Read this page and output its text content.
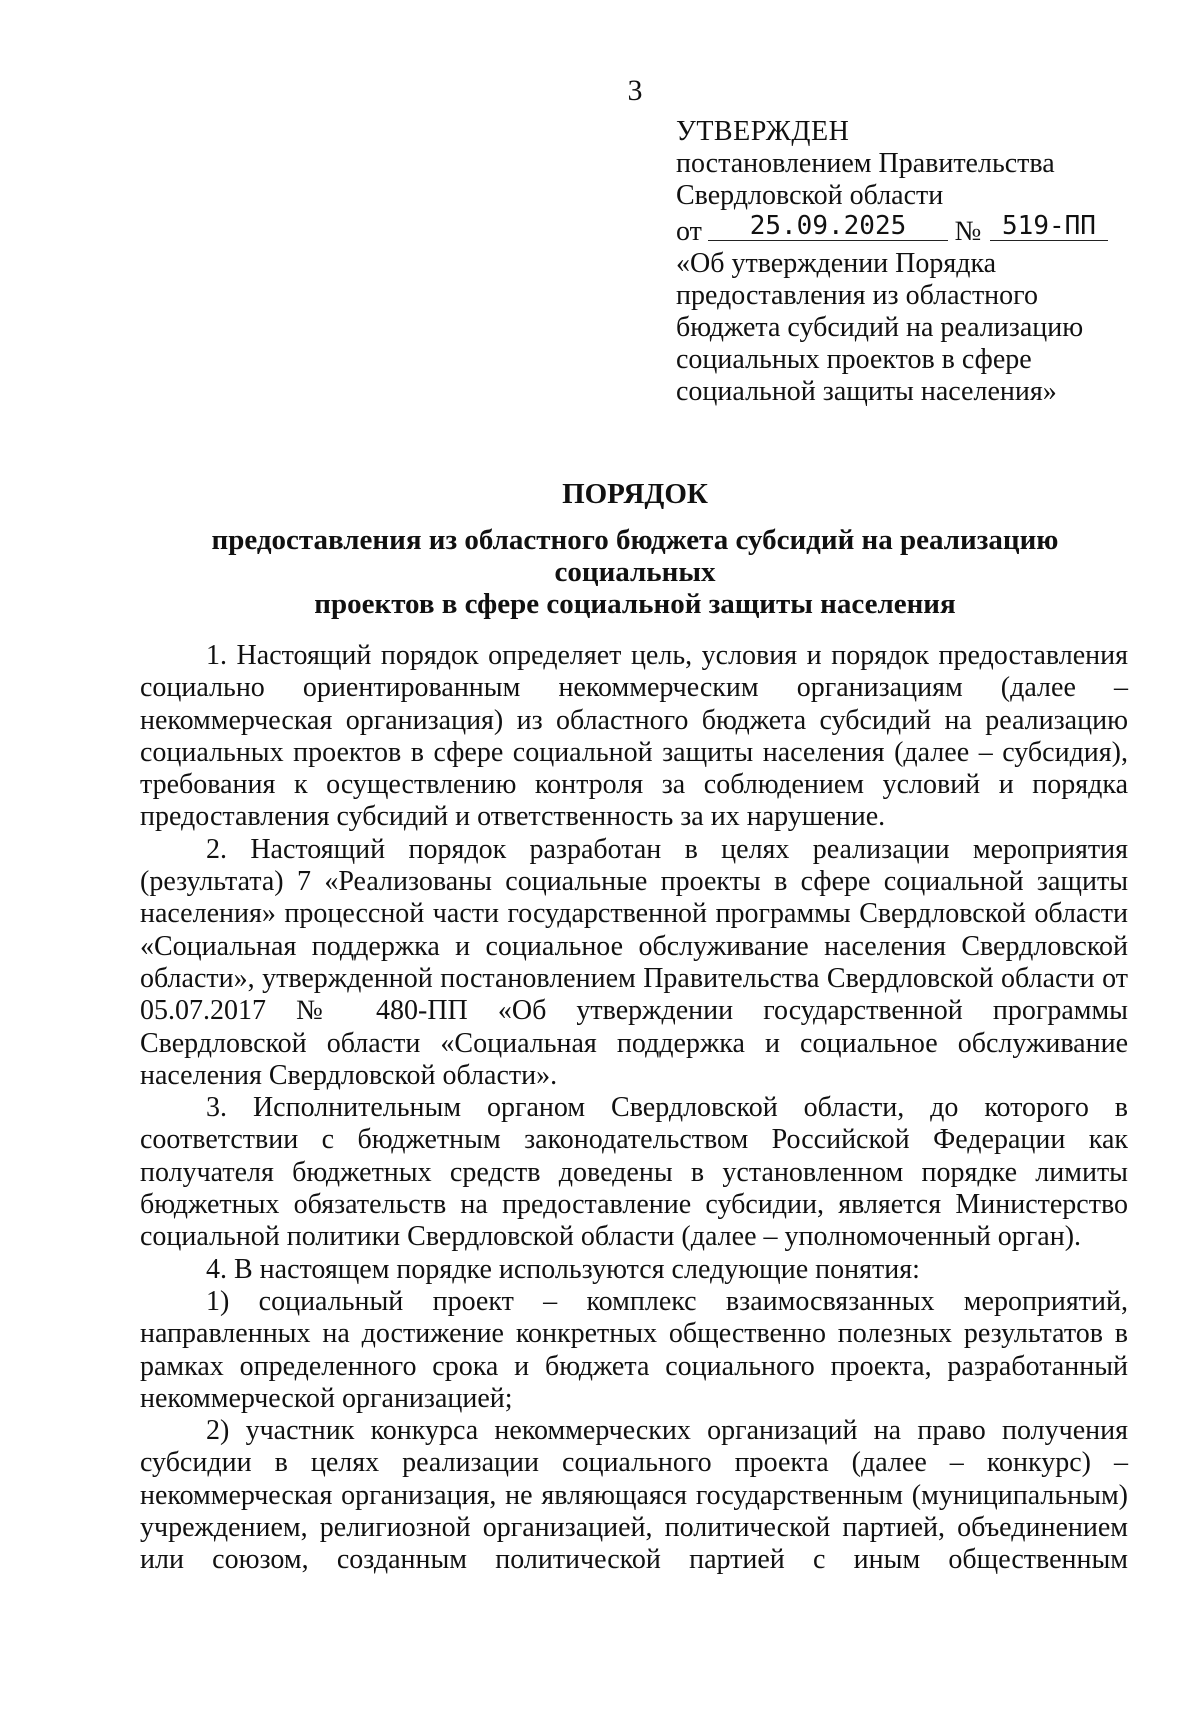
3
УТВЕРЖДЕН
постановлением Правительства
Свердловской области
от	25.09.2025	№ 519-ПП
«Об утверждении Порядка
предоставления из областного
бюджета субсидий на реализацию
социальных проектов в сфере
социальной защиты населения»
ПОРЯДОК
предоставления из областного бюджета субсидий на реализацию социальных
проектов в сфере социальной защиты населения

1. Настоящий порядок определяет цель, условия и порядок предоставления социально ориентированным некоммерческим организациям (далее – некоммерческая организация) из областного бюджета субсидий на реализацию социальных проектов в сфере социальной защиты населения (далее – субсидия), требования к осуществлению контроля за соблюдением условий и порядка предоставления субсидий и ответственность за их нарушение.

2. Настоящий порядок разработан в целях реализации мероприятия (результата) 7 «Реализованы социальные проекты в сфере социальной защиты населения» процессной части государственной программы Свердловской области «Социальная поддержка и социальное обслуживание населения Свердловской области», утвержденной постановлением Правительства Свердловской области от 05.07.2017 № 480-ПП «Об утверждении государственной программы Свердловской области «Социальная поддержка и социальное обслуживание населения Свердловской области».

3. Исполнительным органом Свердловской области, до которого в соответствии с бюджетным законодательством Российской Федерации как получателя бюджетных средств доведены в установленном порядке лимиты бюджетных обязательств на предоставление субсидии, является Министерство социальной политики Свердловской области (далее – уполномоченный орган).

4. В настоящем порядке используются следующие понятия:

1) социальный проект – комплекс взаимосвязанных мероприятий, направленных на достижение конкретных общественно полезных результатов в рамках определенного срока и бюджета социального проекта, разработанный некоммерческой организацией;

2) участник конкурса некоммерческих организаций на право получения субсидии в целях реализации социального проекта (далее – конкурс) – некоммерческая организация, не являющаяся государственным (муниципальным) учреждением, религиозной организацией, политической партией, объединением или союзом, созданным политической партией с иным общественным
